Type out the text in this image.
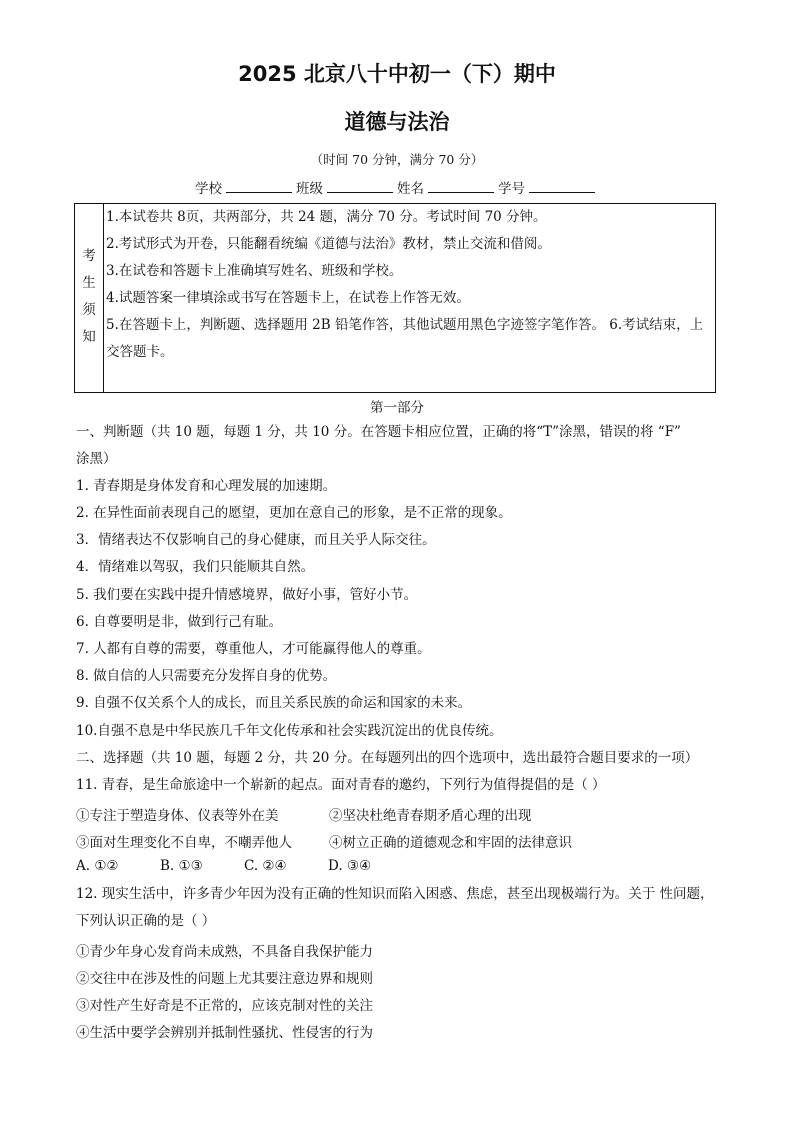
2025 北京八十中初一（下）期中
道德与法治
（时间 70 分钟，满分 70 分）
学校	班级	姓名	学号
考
生
须
知
1.本试卷共 8页，共两部分，共 24 题，满分 70 分。考试时间 70 分钟。
2.考试形式为开卷，只能翻看统编《道德与法治》教材，禁止交流和借阅。
3.在试卷和答题卡上准确填写姓名、班级和学校。
4.试题答案一律填涂或书写在答题卡上，在试卷上作答无效。
5.在答题卡上，判断题、选择题用 2B 铅笔作答，其他试题用黑色字迹签字笔作答。 6.考试结束，上
交答题卡。
第一部分
一、判断题（共 10 题，每题 1 分，共 10 分。在答题卡相应位置，正确的将“T”涂黑，错误的将 “F”
涂黑）
1. 青春期是身体发育和心理发展的加速期。
2. 在异性面前表现自己的愿望，更加在意自己的形象，是不正常的现象。
3．情绪表达不仅影响自己的身心健康，而且关乎人际交往。
4．情绪难以驾驭，我们只能顺其自然。
5. 我们要在实践中提升情感境界，做好小事，管好小节。
6. 自尊要明是非，做到行己有耻。
7. 人都有自尊的需要，尊重他人，才可能赢得他人的尊重。
8. 做自信的人只需要充分发挥自身的优势。
9. 自强不仅关系个人的成长，而且关系民族的命运和国家的未来。
10.自强不息是中华民族几千年文化传承和社会实践沉淀出的优良传统。
二、选择题（共 10 题，每题 2 分，共 20 分。在每题列出的四个选项中，选出最符合题目要求的一项）
11. 青春，是生命旅途中一个崭新的起点。面对青春的邀约，下列行为值得提倡的是（ ）
①专注于塑造身体、仪表等外在美	②坚决杜绝青春期矛盾心理的出现
③面对生理变化不自卑，不嘲弄他人	④树立正确的道德观念和牢固的法律意识
A. ①②	B. ①③	C. ②④	D. ③④
12. 现实生活中，许多青少年因为没有正确的性知识而陷入困惑、焦虑，甚至出现极端行为。关于 性问题，
下列认识正确的是（ ）
①青少年身心发育尚未成熟，不具备自我保护能力
②交往中在涉及性的问题上尤其要注意边界和规则
③对性产生好奇是不正常的，应该克制对性的关注
④生活中要学会辨别并抵制性骚扰、性侵害的行为
